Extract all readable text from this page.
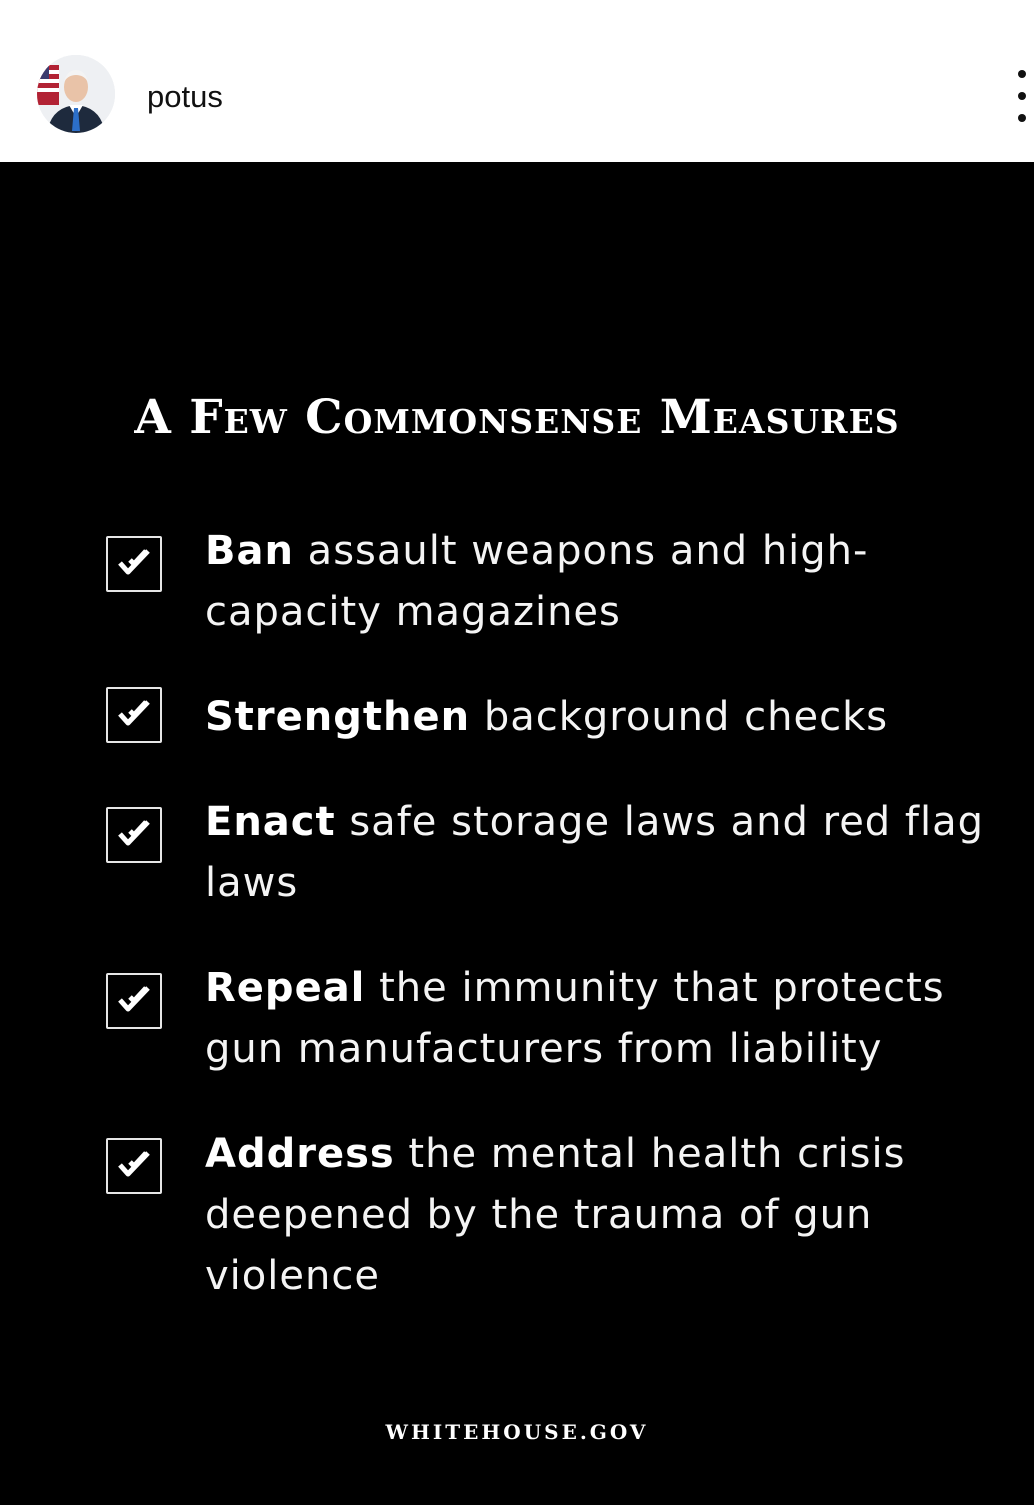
potus
A Few Commonsense Measures
Ban assault weapons and high-capacity magazines
Strengthen background checks
Enact safe storage laws and red flag laws
Repeal the immunity that protects gun manufacturers from liability
Address the mental health crisis deepened by the trauma of gun violence
WHITEHOUSE.GOV
